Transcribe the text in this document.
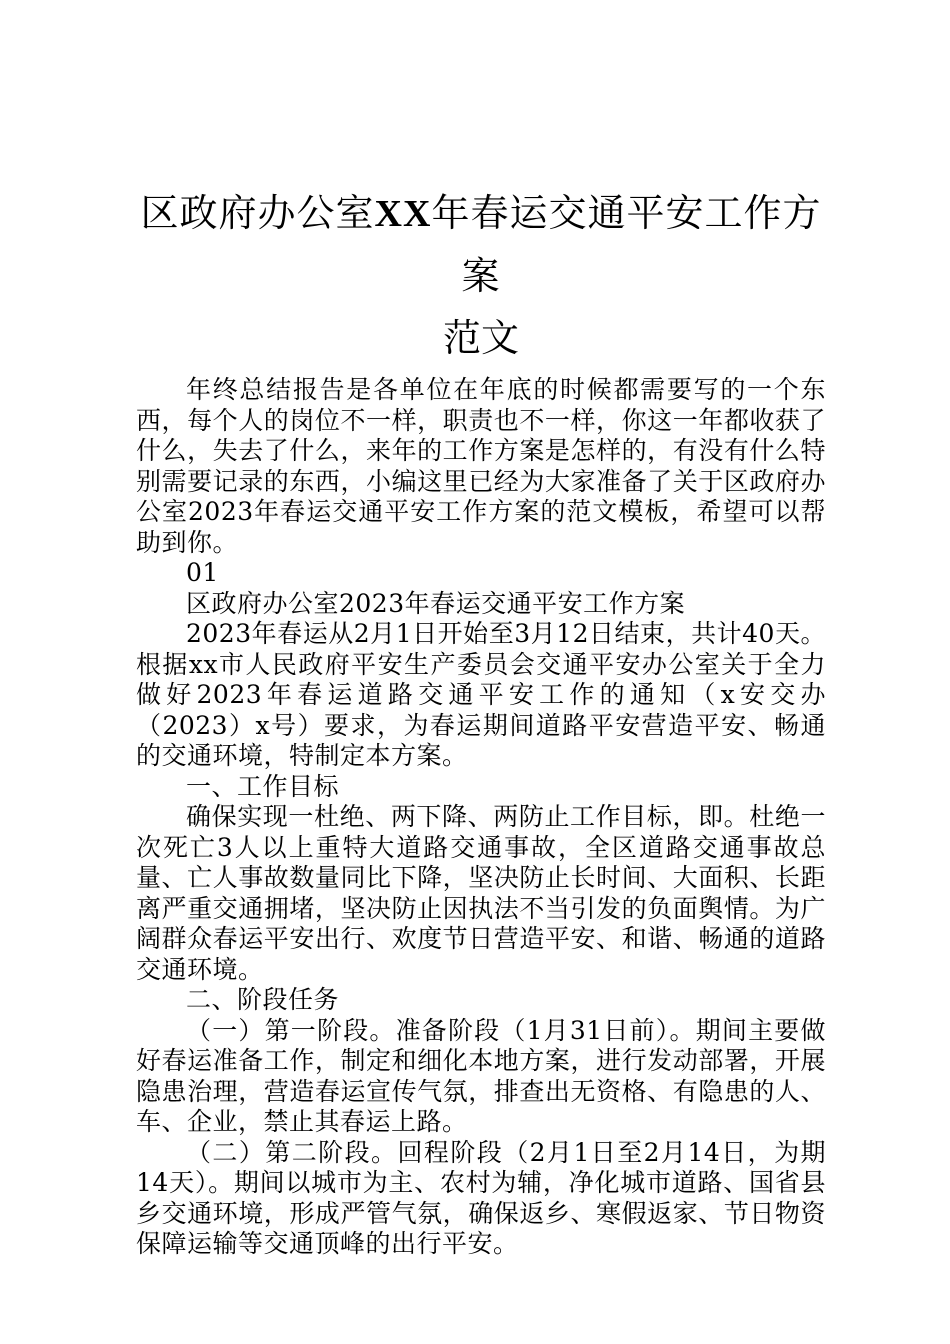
区政府办公室XX年春运交通平安工作方案
范文

年终总结报告是各单位在年底的时候都需要写的一个东西，每个人的岗位不一样，职责也不一样，你这一年都收获了什么，失去了什么，来年的工作方案是怎样的，有没有什么特别需要记录的东西，小编这里已经为大家准备了关于区政府办公室2023年春运交通平安工作方案的范文模板，希望可以帮助到你。

01

区政府办公室2023年春运交通平安工作方案

2023年春运从2月1日开始至3月12日结束，共计40天。根据xx市人民政府平安生产委员会交通平安办公室关于全力做好2023年春运道路交通平安工作的通知（x安交办（2023）x号）要求，为春运期间道路平安营造平安、畅通的交通环境，特制定本方案。

一、工作目标

确保实现一杜绝、两下降、两防止工作目标，即。杜绝一次死亡3人以上重特大道路交通事故，全区道路交通事故总量、亡人事故数量同比下降，坚决防止长时间、大面积、长距离严重交通拥堵，坚决防止因执法不当引发的负面舆情。为广阔群众春运平安出行、欢度节日营造平安、和谐、畅通的道路交通环境。

二、阶段任务

（一）第一阶段。准备阶段（1月31日前）。期间主要做好春运准备工作，制定和细化本地方案，进行发动部署，开展隐患治理，营造春运宣传气氛，排查出无资格、有隐患的人、车、企业，禁止其春运上路。

（二）第二阶段。回程阶段（2月1日至2月14日，为期14天）。期间以城市为主、农村为辅，净化城市道路、国省县乡交通环境，形成严管气氛，确保返乡、寒假返家、节日物资保障运输等交通顶峰的出行平安。
